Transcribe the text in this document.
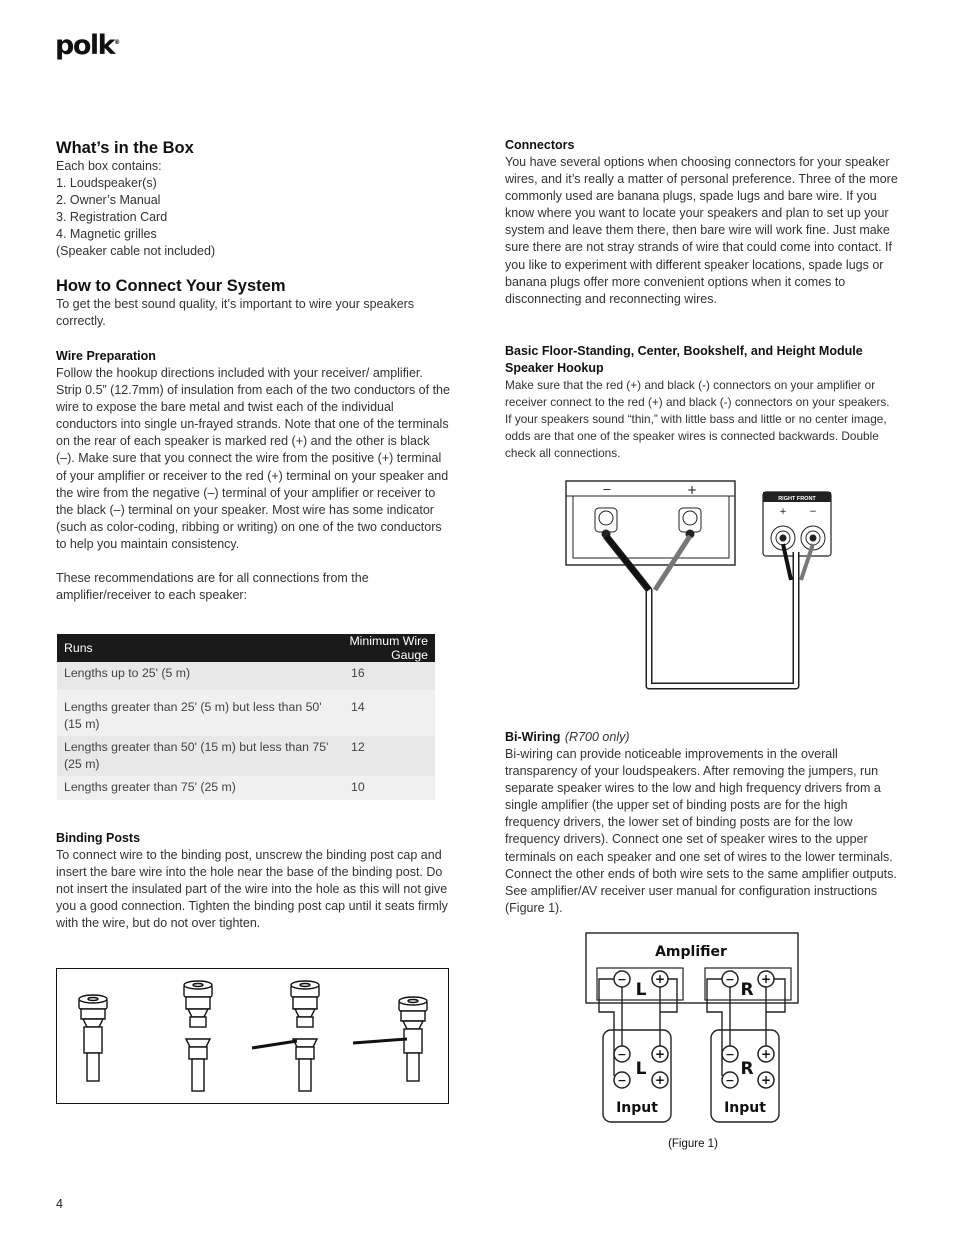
polk®
What’s in the Box

Each box contains:

1. Loudspeaker(s)
2. Owner’s Manual
3. Registration Card
4. Magnetic grilles
(Speaker cable not included)
How to Connect Your System

To get the best sound quality, it’s important to wire your speakers correctly.

Wire Preparation

Follow the hookup directions included with your receiver/ amplifier. Strip 0.5” (12.7mm) of insulation from each of the two conductors of the wire to expose the bare metal and twist each of the individual conductors into single un-frayed strands. Note that one of the terminals on the rear of each speaker is marked red (+) and the other is black (–). Make sure that you connect the wire from the positive (+) terminal of your amplifier or receiver to the red (+) terminal on your speaker and the wire from the negative (–) terminal of your amplifier or receiver to the black (–) terminal on your speaker. Most wire has some indicator (such as color-coding, ribbing or writing) on one of the two conductors to help you maintain consistency.

These recommendations are for all connections from the amplifier/receiver to each speaker:

Runs	Minimum Wire Gauge
Lengths up to 25' (5 m)	16
Lengths greater than 25' (5 m) but less than 50' (15 m)	14
Lengths greater than 50' (15 m) but less than 75' (25 m)	12
Lengths greater than 75' (25 m)	10
Binding Posts

To connect wire to the binding post, unscrew the binding post cap and insert the bare wire into the hole near the base of the binding post. Do not insert the insulated part of the wire into the hole as this will not give you a good connection. Tighten the binding post cap until it seats firmly with the wire, but do not over tighten.

Connectors

You have several options when choosing connectors for your speaker wires, and it’s really a matter of personal preference. Three of the more commonly used are banana plugs, spade lugs and bare wire. If you know where you want to locate your speakers and plan to set up your system and leave them there, then bare wire will work fine. Just make sure there are not stray strands of wire that could come into contact. If you like to experiment with different speaker locations, spade lugs or banana plugs offer more convenient options when it comes to disconnecting and reconnecting wires.

Basic Floor-Standing, Center, Bookshelf, and Height Module Speaker Hookup

Make sure that the red (+) and black (-) connectors on your amplifier or receiver connect to the red (+) and black (-) connectors on your speakers. If your speakers sound “thin,” with little bass and little or no center image, odds are that one of the speaker wires is connected backwards. Double check all connections.

−	+
RIGHT FRONT
+ −
Bi-Wiring (R700 only)

Bi-wiring can provide noticeable improvements in the overall transparency of your loudspeakers. After removing the jumpers, run separate speaker wires to the low and high frequency drivers from a single amplifier (the upper set of binding posts are for the high frequency drivers, the lower set of binding posts are for the low frequency drivers). Connect one set of speaker wires to the upper terminals on each speaker and one set of wires to the lower terminals. Connect the other ends of both wire sets to the same amplifier outputs. See amplifier/AV receiver user manual for configuration instructions (Figure 1).

Amplifier
− +
L
− +
R
− +
L
− +
Input
− +
R
− +
Input
(Figure 1)
4
